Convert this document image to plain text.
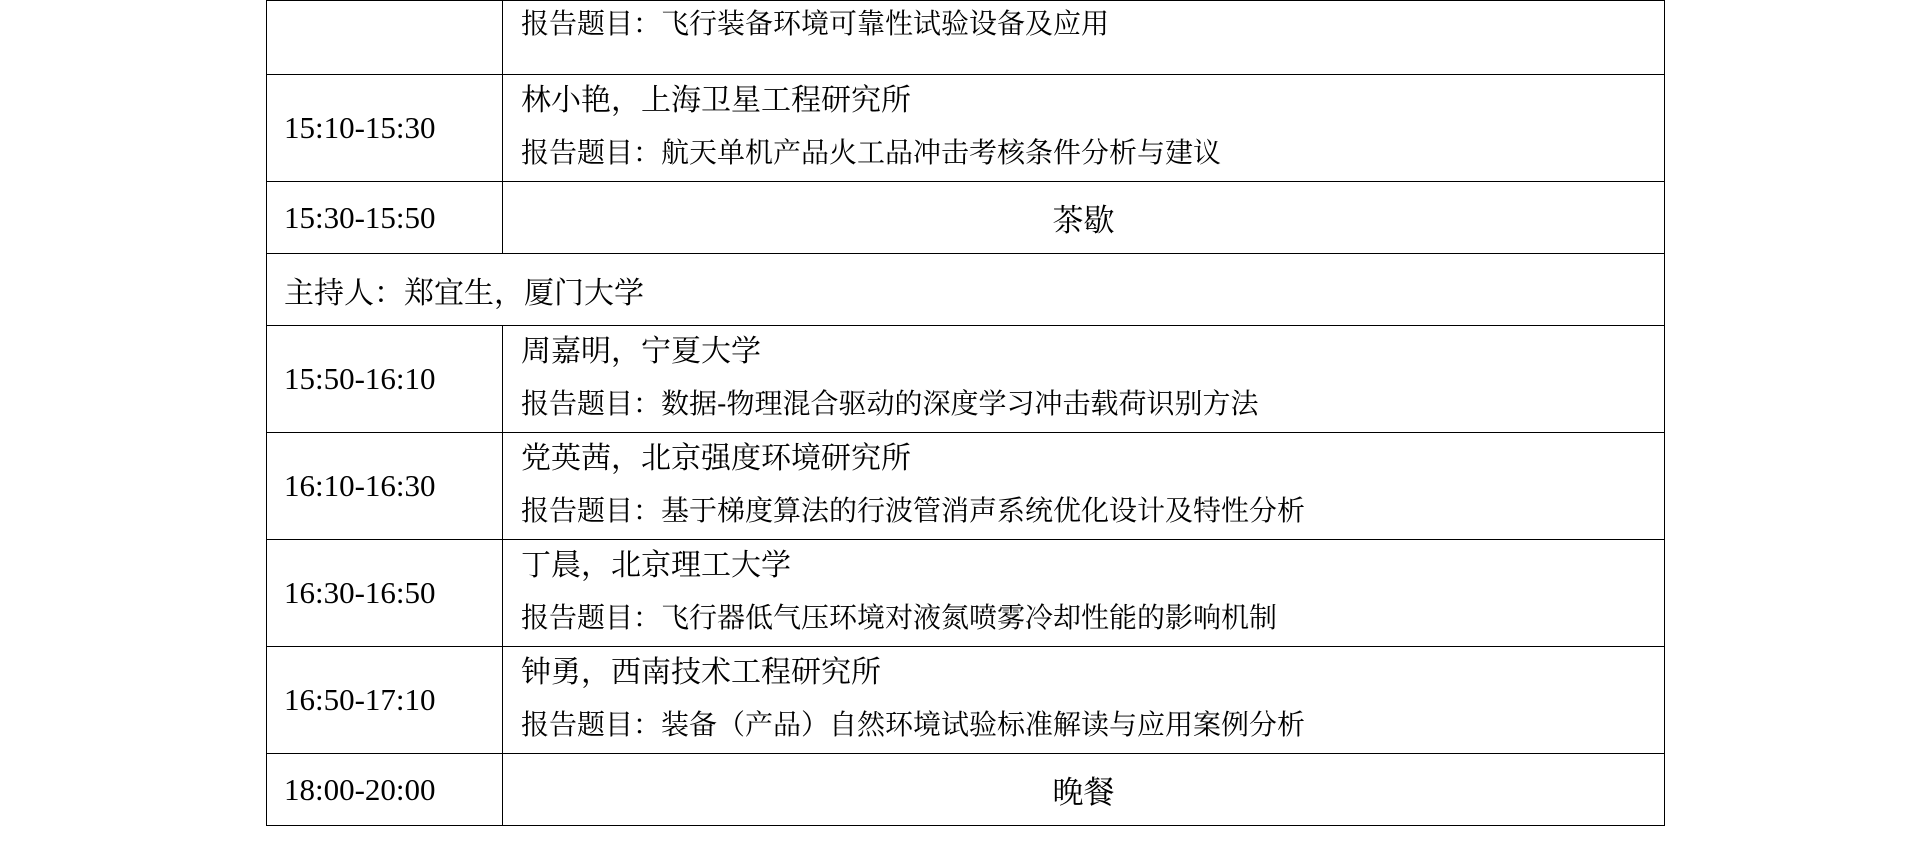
	报告题目：飞行装备环境可靠性试验设备及应用

15:10-15:30	林小艳，上海卫星工程研究所
报告题目：航天单机产品火工品冲击考核条件分析与建议

15:30-15:50	茶歇
主持人：郑宜生，厦门大学	
15:50-16:10	周嘉明，宁夏大学
报告题目：数据-物理混合驱动的深度学习冲击载荷识别方法

16:10-16:30	党英茜，北京强度环境研究所
报告题目：基于梯度算法的行波管消声系统优化设计及特性分析

16:30-16:50	丁晨，北京理工大学
报告题目：飞行器低气压环境对液氮喷雾冷却性能的影响机制

16:50-17:10	钟勇，西南技术工程研究所
报告题目：装备（产品）自然环境试验标准解读与应用案例分析

18:00-20:00	晚餐
